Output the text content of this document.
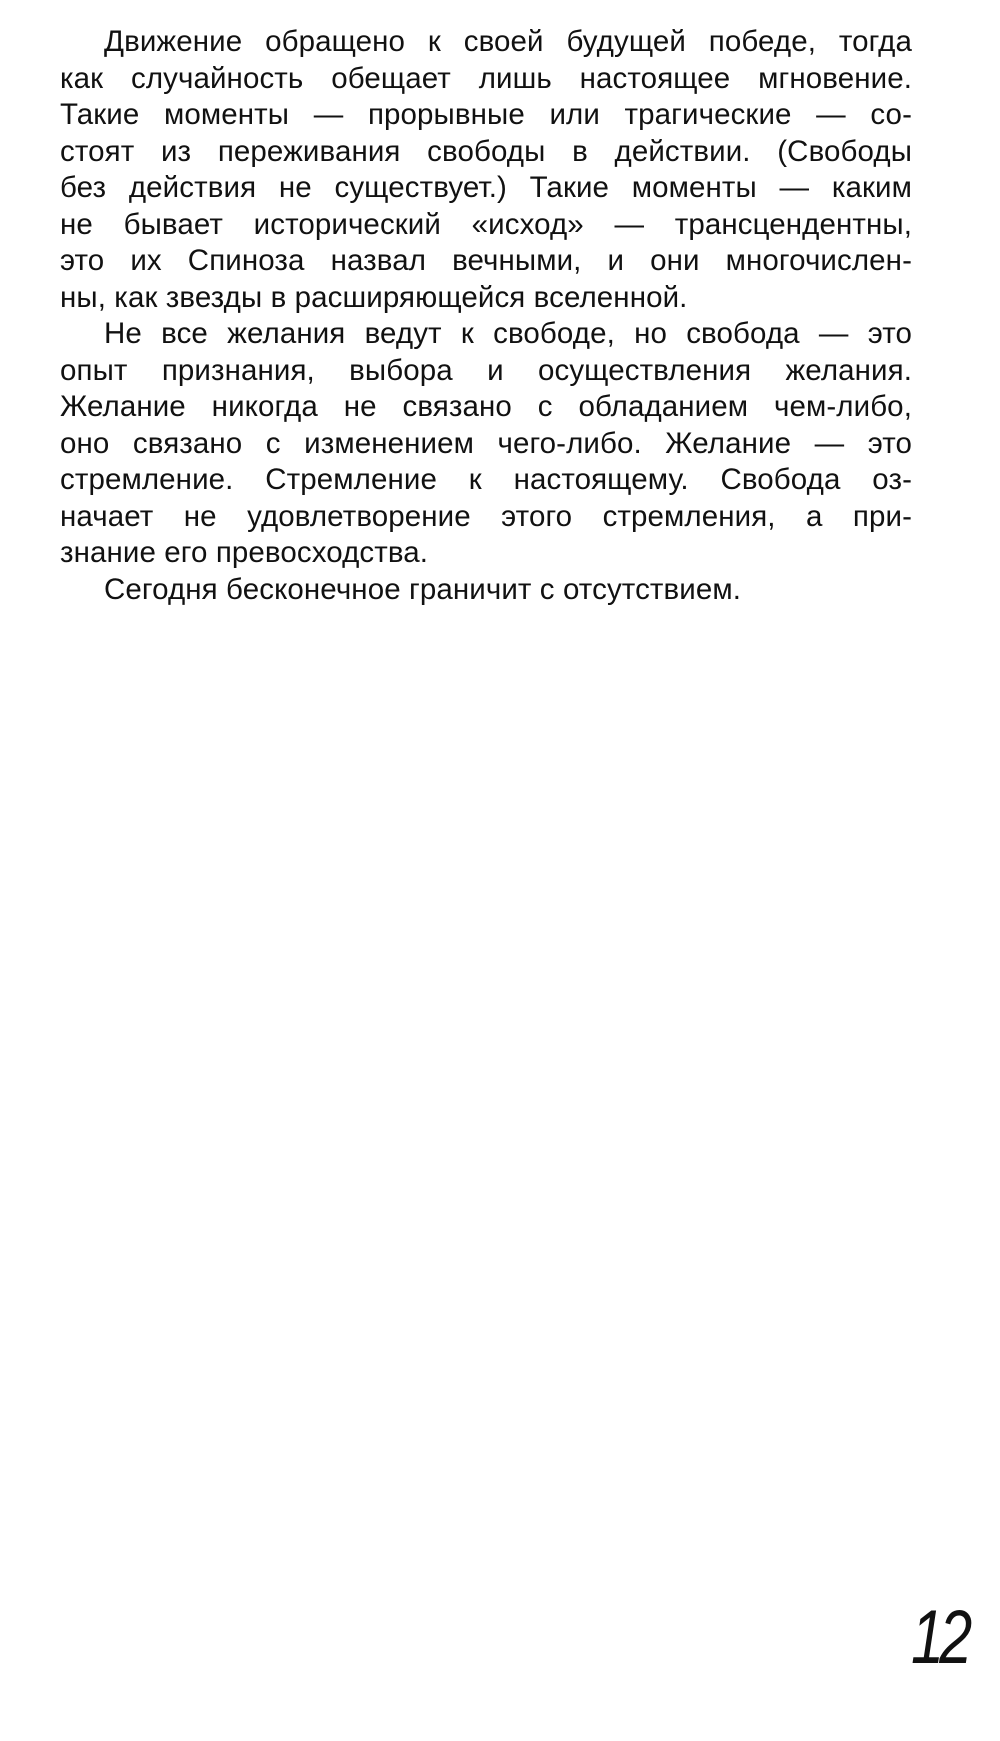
Движение обращено к своей будущей победе, тогда
как случайность обещает лишь настоящее мгновение.
Такие моменты — прорывные или трагические — со-
стоят из переживания свободы в действии. (Свободы
без действия не существует.) Такие моменты — каким
не бывает исторический «исход» — трансцендентны,
это их Спиноза назвал вечными, и они многочислен-
ны, как звезды в расширяющейся вселенной.

Не все желания ведут к свободе, но свобода — это
опыт признания, выбора и осуществления желания.
Желание никогда не связано с обладанием чем-либо,
оно связано с изменением чего-либо. Желание — это
стремление. Стремление к настоящему. Свобода оз-
начает не удовлетворение этого стремления, а при-
знание его превосходства.

Сегодня бесконечное граничит с отсутствием.

12
